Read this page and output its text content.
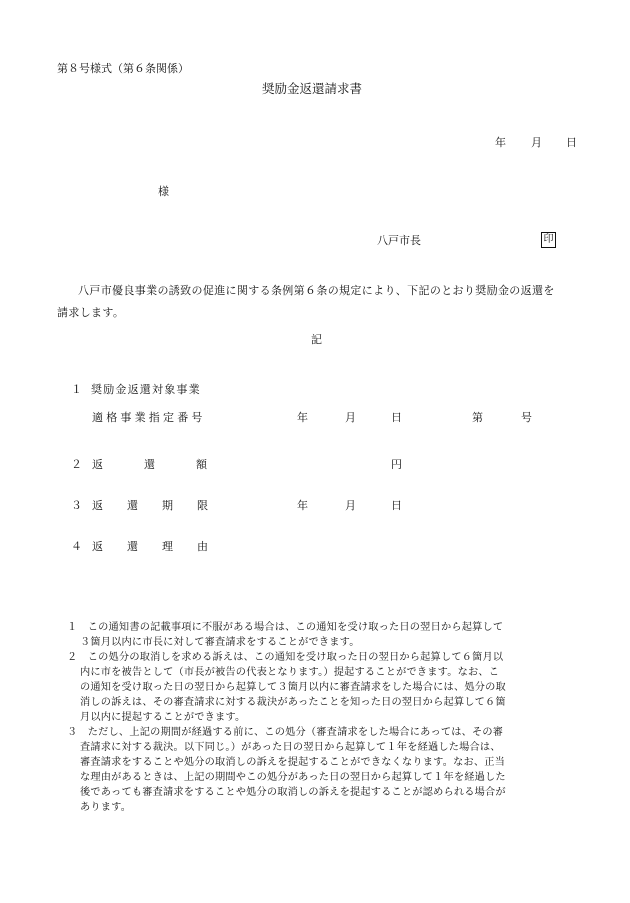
第８号様式（第６条関係）
奨励金返還請求書
年 月 日
様
八戸市長	印
八戸市優良事業の誘致の促進に関する条例第６条の規定により、下記のとおり奨励金の返還を
請求します。
記
１ 奨励金返還対象事業
適格事業指定番号	年	月	日	第	号
２ 返	還	額	円
３ 返 還 期 限	年	月	日
４ 返 還 理 由
１　この通知書の記載事項に不服がある場合は、この通知を受け取った日の翌日から起算して
３箇月以内に市長に対して審査請求をすることができます。
２　この処分の取消しを求める訴えは、この通知を受け取った日の翌日から起算して６箇月以
内に市を被告として（市長が被告の代表となります。）提起することができます。なお、こ
の通知を受け取った日の翌日から起算して３箇月以内に審査請求をした場合には、処分の取
消しの訴えは、その審査請求に対する裁決があったことを知った日の翌日から起算して６箇
月以内に提起することができます。
３　ただし、上記の期間が経過する前に、この処分（審査請求をした場合にあっては、その審
査請求に対する裁決。以下同じ。）があった日の翌日から起算して１年を経過した場合は、
審査請求をすることや処分の取消しの訴えを提起することができなくなります。なお、正当
な理由があるときは、上記の期間やこの処分があった日の翌日から起算して１年を経過した
後であっても審査請求をすることや処分の取消しの訴えを提起することが認められる場合が
あります。
